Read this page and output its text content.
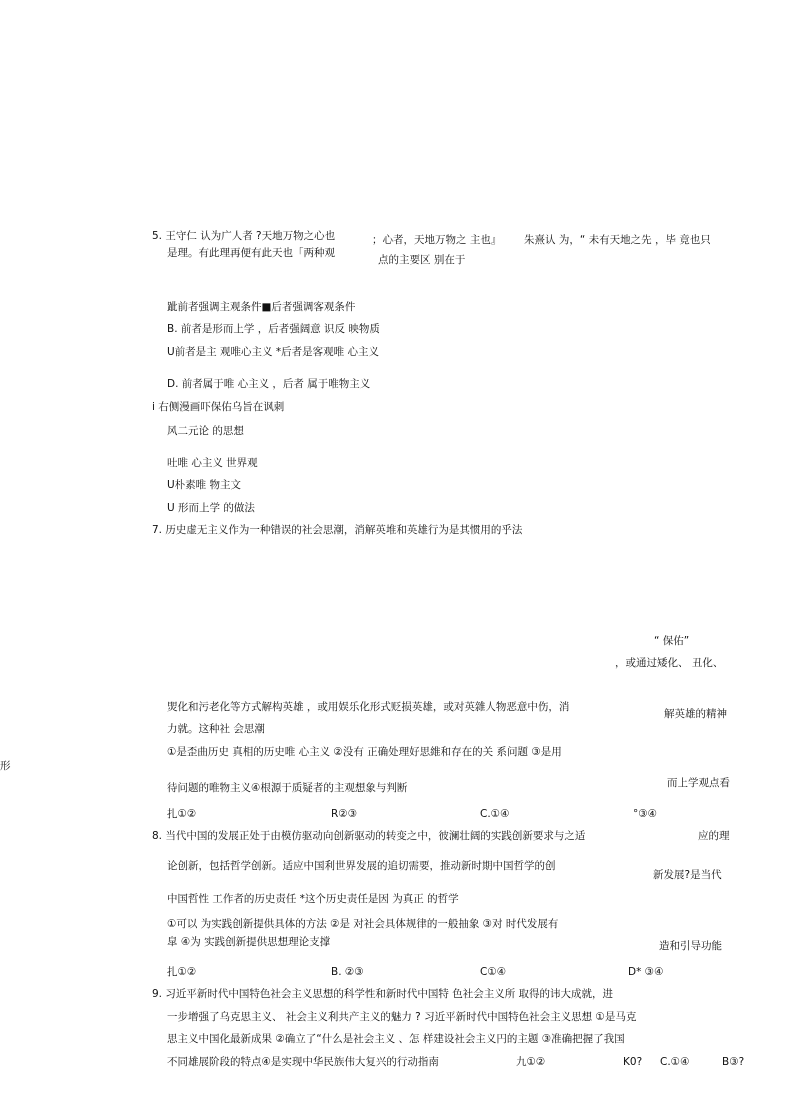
5. 王守仁 认为广人者 ?天地万物之心也	；心者，天地万物之 主也』 朱熹认 为，“ 未有天地之先 ，毕 竟也只
是理。有此理再便有此天也「两种观
点的主要区 别在于
跐前者强调主观条件■后者强调客观条件
B. 前者是形而上学 ，后者强阔意 识反 映物质
U前者是主 观唯心主义 *后者是客观唯 心主义
D. 前者属于唯 心主义 ，后者 属于唯物主义
i 右侧漫画吓保佑乌旨在讽刺
风二元论 的思想
吐唯 心主义 世界观
U朴素唯 物主文
U 形而上学 的做法
7. 历史虚无主义作为一种错误的社会思潮，消解英堆和英雄行为是其惯用的乎法
“ 保佑”
，或通过矮化、 丑化、
焸化和污老化等方式解构英雄 ，或用娱乐化形式贬损英雄，或对英雜人物恶意中伤，消
解英雄的精神
力就。这种社 会思潮
①是歪曲历史 真相的历史唯 心主义 ②没有 正确处理好思維和存在的关 系问题 ③是用
形
而上学观点看
待问题的唯物主义④根源于质疑者的主观想象与判断
扎①②	R②③	C.①④	°③④
8. 当代中国的发展正处于由模仿驱动向创新驱动的转变之中，彼澜壮阔的实践创新要求与之适	应的理
论创新，包括哲学创新。适应中国利世界发展的追切需要，推动新时期中国哲学的创
新发展?是当代
中国哲性 工作者的历史责任 *这个历史责任是因 为真正 的哲学
①可以 为实践创新提供具体的方法 ②是 对社会具体规律的一般抽象 ③对 时代发展有
皐 ④为 实践创新提供思想理论支撑	造和引导功能
扎①②	B. ②③	C①④	D* ③④
9. 习近平新时代中国特色社会主义思想的科学性和新时代中国特 色社会主义所 取得的讳大成就，进
一步增强了乌克思主义、 社会主义利共产主义的魅力 ? 习近平新时代中国特色社会主义思想 ①是马克
思主义中国化最新成果 ②确立了“什么是社会主义 、怎 样建设社会主义円的主题 ③准确把握了我国
不同雄展阶段的特点④是实现中华民族伟大复兴的行动指南	九①②	K0? C.①④	B③?
